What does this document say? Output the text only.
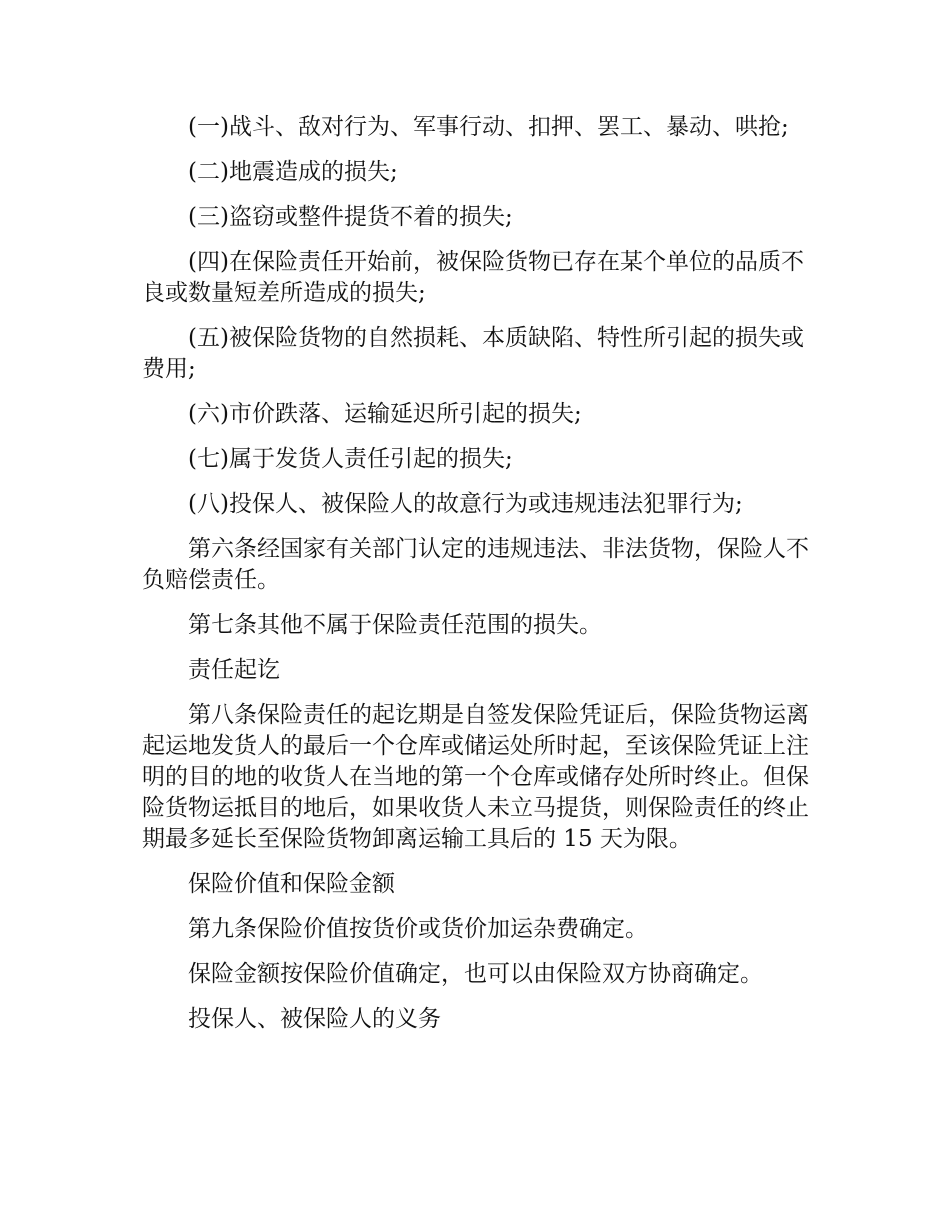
(一)战斗、敌对行为、军事行动、扣押、罢工、暴动、哄抢;

(二)地震造成的损失;

(三)盗窃或整件提货不着的损失;

(四)在保险责任开始前，被保险货物已存在某个单位的品质不良或数量短差所造成的损失;

(五)被保险货物的自然损耗、本质缺陷、特性所引起的损失或费用;

(六)市价跌落、运输延迟所引起的损失;

(七)属于发货人责任引起的损失;

(八)投保人、被保险人的故意行为或违规违法犯罪行为;

第六条经国家有关部门认定的违规违法、非法货物，保险人不负赔偿责任。

第七条其他不属于保险责任范围的损失。

责任起讫

第八条保险责任的起讫期是自签发保险凭证后，保险货物运离起运地发货人的最后一个仓库或储运处所时起，至该保险凭证上注明的目的地的收货人在当地的第一个仓库或储存处所时终止。但保险货物运抵目的地后，如果收货人未立马提货，则保险责任的终止期最多延长至保险货物卸离运输工具后的 15 天为限。

保险价值和保险金额

第九条保险价值按货价或货价加运杂费确定。

保险金额按保险价值确定，也可以由保险双方协商确定。

投保人、被保险人的义务
